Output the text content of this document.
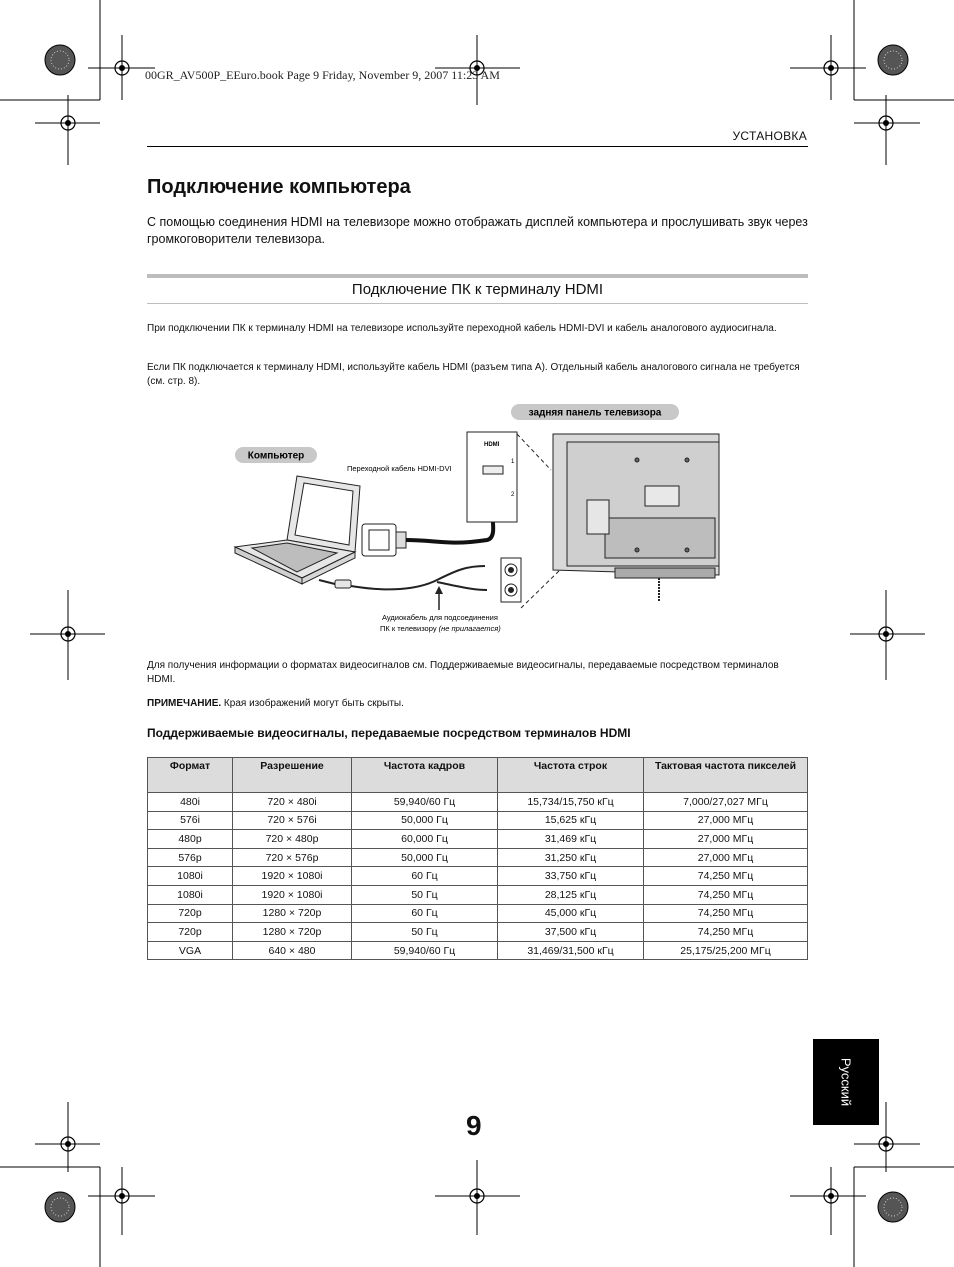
00GR_AV500P_EEuro.book Page 9 Friday, November 9, 2007 11:23 AM
УСТАНОВКА
Подключение компьютера
С помощью соединения HDMI на телевизоре можно отображать дисплей компьютера и прослушивать звук через громкоговорители телевизора.
Подключение ПК к терминалу HDMI
При подключении ПК к терминалу HDMI на телевизоре используйте переходной кабель HDMI-DVI и кабель аналогового аудиосигнала.
Если ПК подключается к терминалу HDMI, используйте кабель HDMI (разъем типа A). Отдельный кабель аналогового сигнала не требуется (см. стр. 8).
задняя панель телевизора
Компьютер
Переходной кабель HDMI-DVI
HDMI
1
2
Аудиокабель для подсоединения
ПК к телевизору (не прилагается)
Для получения информации о форматах видеосигналов см. Поддерживаемые видеосигналы, передаваемые посредством терминалов HDMI.
ПРИМЕЧАНИЕ. Края изображений могут быть скрыты.
Поддерживаемые видеосигналы, передаваемые посредством терминалов HDMI
Формат	Разрешение	Частота кадров	Частота строк	Тактовая частота пикселей
480i	720 × 480i	59,940/60 Гц	15,734/15,750 кГц	7,000/27,027 МГц
576i	720 × 576i	50,000 Гц	15,625 кГц	27,000 МГц
480p	720 × 480p	60,000 Гц	31,469 кГц	27,000 МГц
576p	720 × 576p	50,000 Гц	31,250 кГц	27,000 МГц
1080i	1920 × 1080i	60 Гц	33,750 кГц	74,250 МГц
1080i	1920 × 1080i	50 Гц	28,125 кГц	74,250 МГц
720p	1280 × 720p	60 Гц	45,000 кГц	74,250 МГц
720p	1280 × 720p	50 Гц	37,500 кГц	74,250 МГц
VGA	640 × 480	59,940/60 Гц	31,469/31,500 кГц	25,175/25,200 МГц
Русский
9
